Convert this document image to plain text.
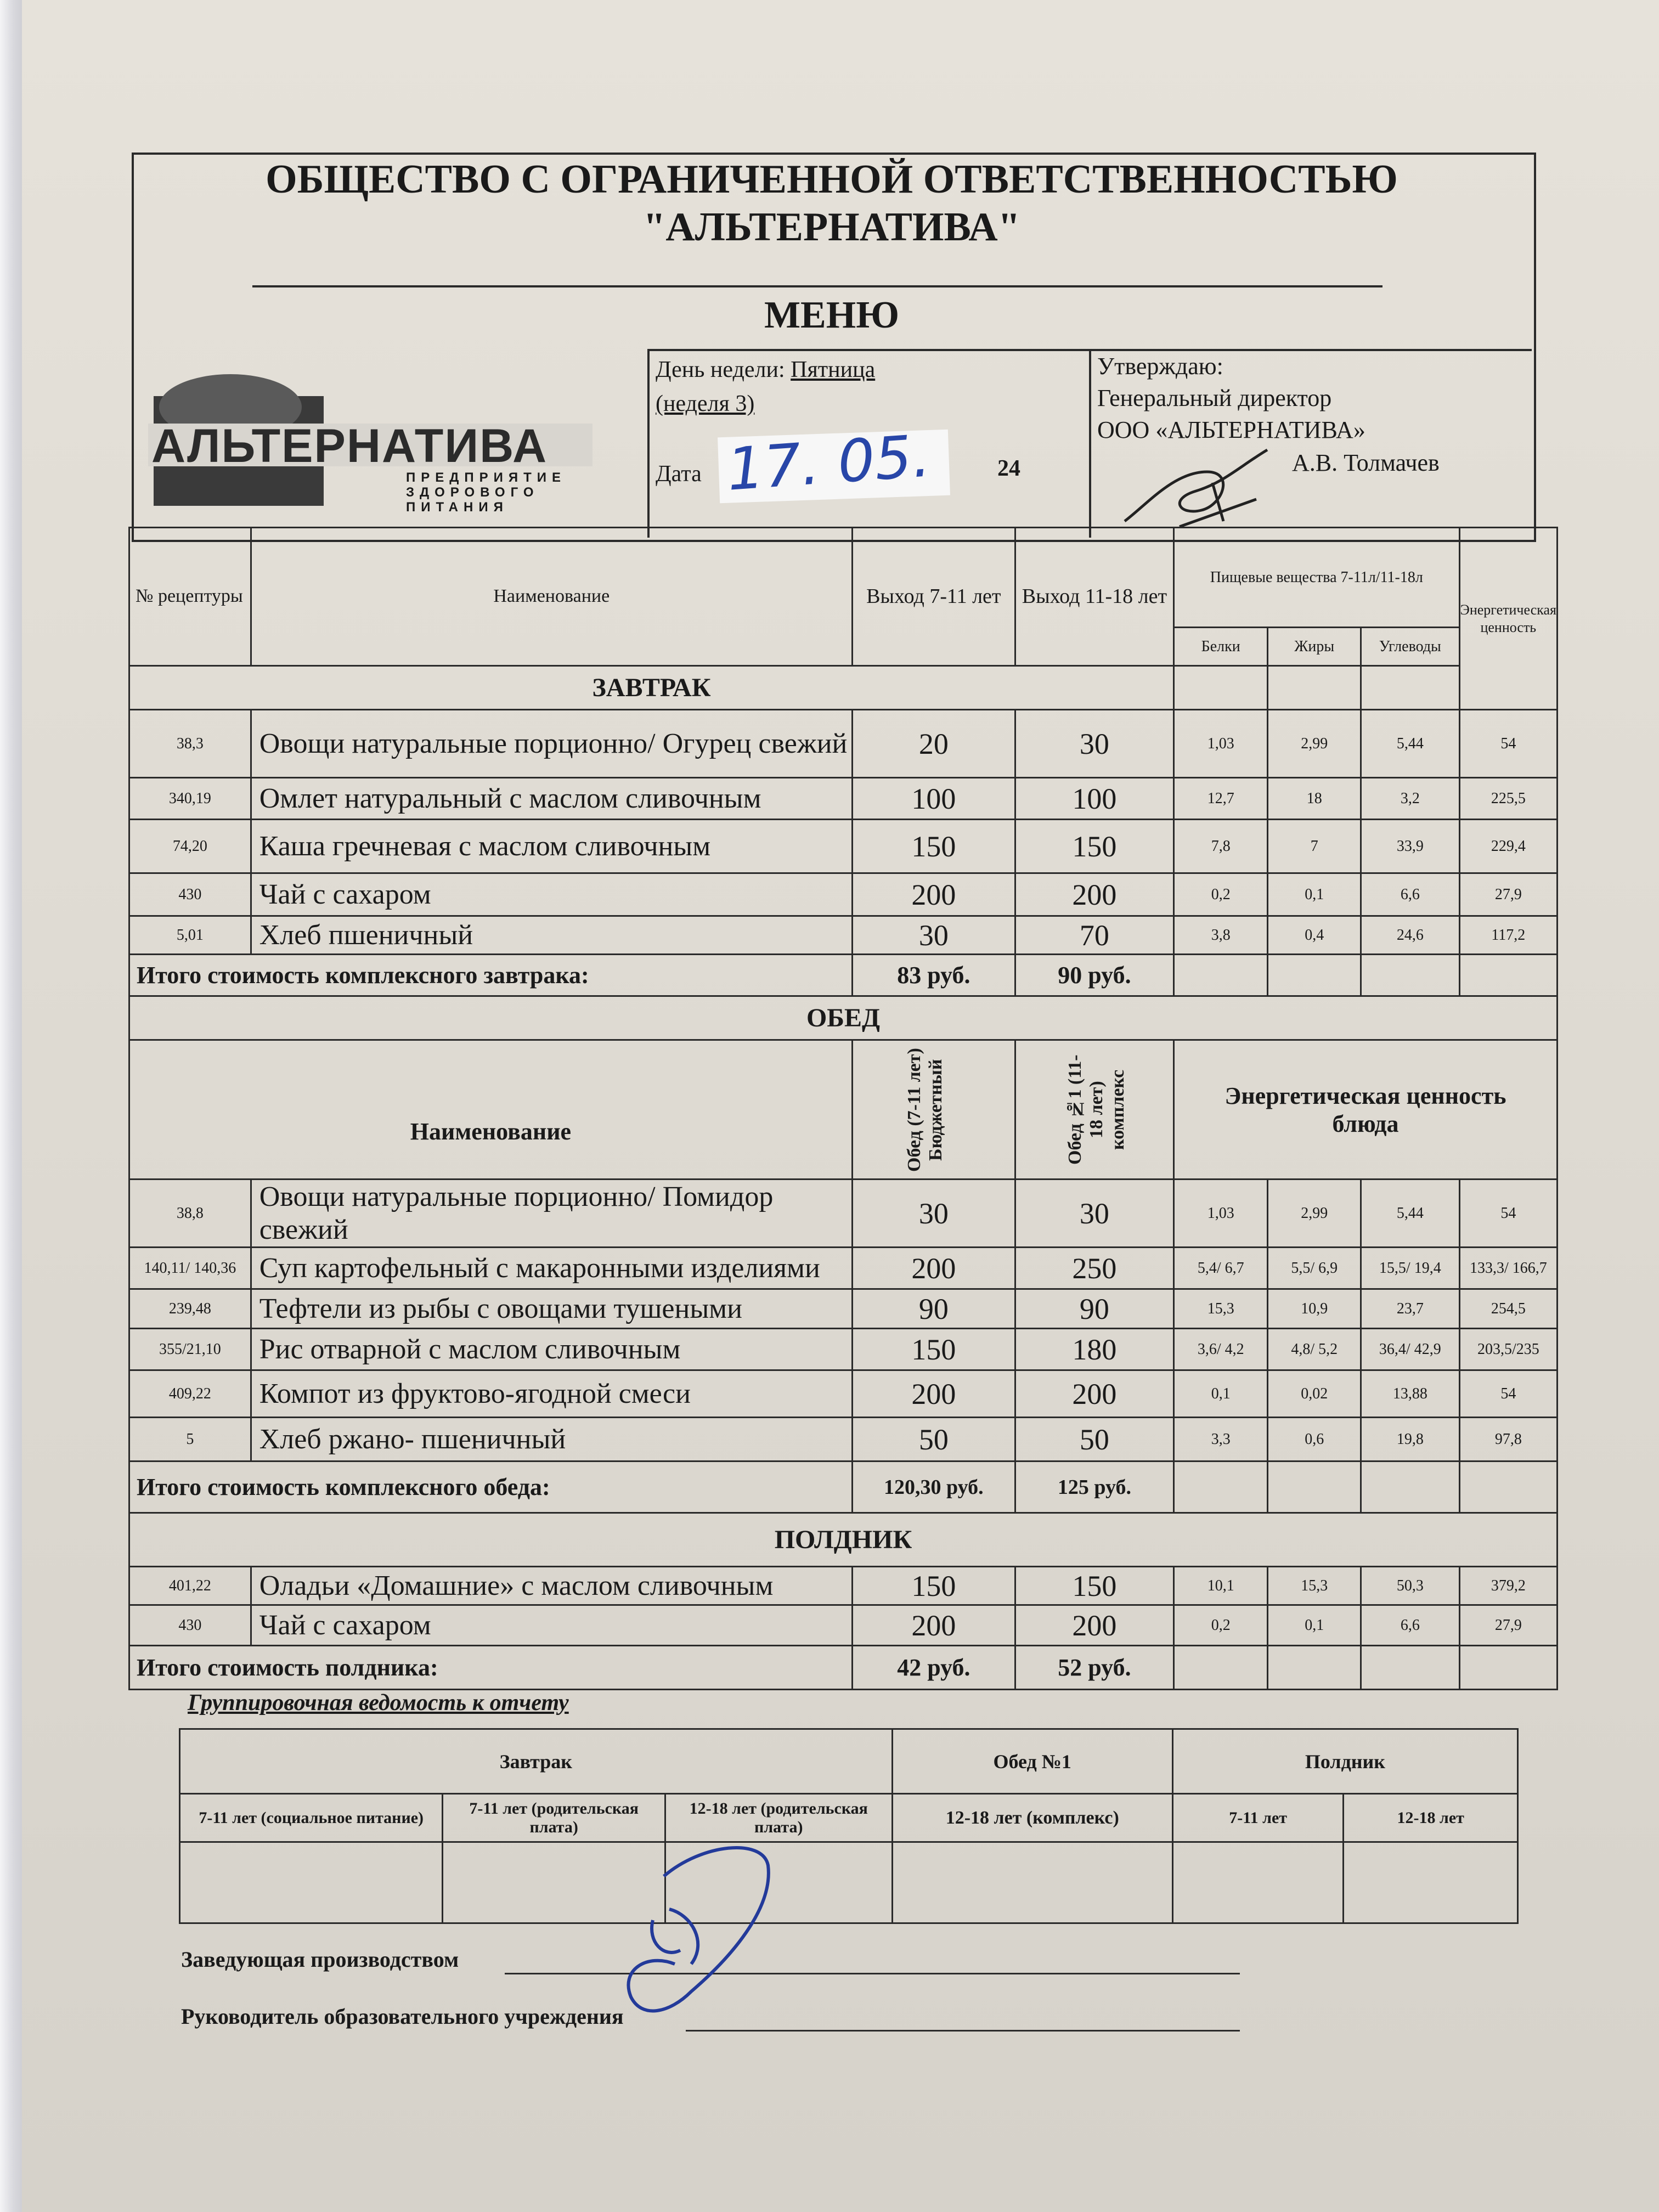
ОБЩЕСТВО С ОГРАНИЧЕННОЙ ОТВЕТСТВЕННОСТЬЮ
"АЛЬТЕРНАТИВА"
МЕНЮ
АЛЬТЕРНАТИВА
ПРЕДПРИЯТИЕ
ЗДОРОВОГО
ПИТАНИЯ
День недели: Пятница
(неделя 3)
Дата 17. 05.	24
Утверждаю:
Генеральный директор
ООО «АЛЬТЕРНАТИВА»
А.В. Толмачев
№ рецептуры	Наименование	Выход 7-11 лет	Выход 11-18 лет	Пищевые вещества 7-11л/11-18л			Энергетическая ценность
				Белки	Жиры	Углеводы	
ЗАВТРАК							
38,3	Овощи натуральные порционно/ Огурец свежий	20	30	1,03	2,99	5,44	54
340,19	Омлет натуральный с маслом сливочным	100	100	12,7	18	3,2	225,5
74,20	Каша гречневая с маслом сливочным	150	150	7,8	7	33,9	229,4
430	Чай с сахаром	200	200	0,2	0,1	6,6	27,9
5,01	Хлеб пшеничный	30	70	3,8	0,4	24,6	117,2
Итого стоимость комплексного завтрака:		83 руб.	90 руб.				
ОБЕД							
Наименование		Обед (7-11 лет) Бюджетный	Обед №1 (11-18 лет) комплекс	Энергетическая ценность блюда			
38,8	Овощи натуральные порционно/ Помидор свежий	30	30	1,03	2,99	5,44	54
140,11/ 140,36	Суп картофельный с макаронными изделиями	200	250	5,4/ 6,7	5,5/ 6,9	15,5/ 19,4	133,3/ 166,7
239,48	Тефтели из рыбы с овощами тушеными	90	90	15,3	10,9	23,7	254,5
355/21,10	Рис отварной с маслом сливочным	150	180	3,6/ 4,2	4,8/ 5,2	36,4/ 42,9	203,5/235
409,22	Компот из фруктово-ягодной смеси	200	200	0,1	0,02	13,88	54
5	Хлеб ржано- пшеничный	50	50	3,3	0,6	19,8	97,8
Итого стоимость комплексного обеда:		120,30 руб.	125 руб.				
ПОЛДНИК							
401,22	Оладьи «Домашние» с маслом сливочным	150	150	10,1	15,3	50,3	379,2
430	Чай с сахаром	200	200	0,2	0,1	6,6	27,9
Итого стоимость полдника:		42 руб.	52 руб.				
Группировочная ведомость к отчету
Завтрак			Обед №1	Полдник	
7-11 лет (социальное питание)	7-11 лет (родительская плата)	12-18 лет (родительская плата)	12-18 лет (комплекс)	7-11 лет	12-18 лет

Заведующая производством
Руководитель образовательного учреждения
